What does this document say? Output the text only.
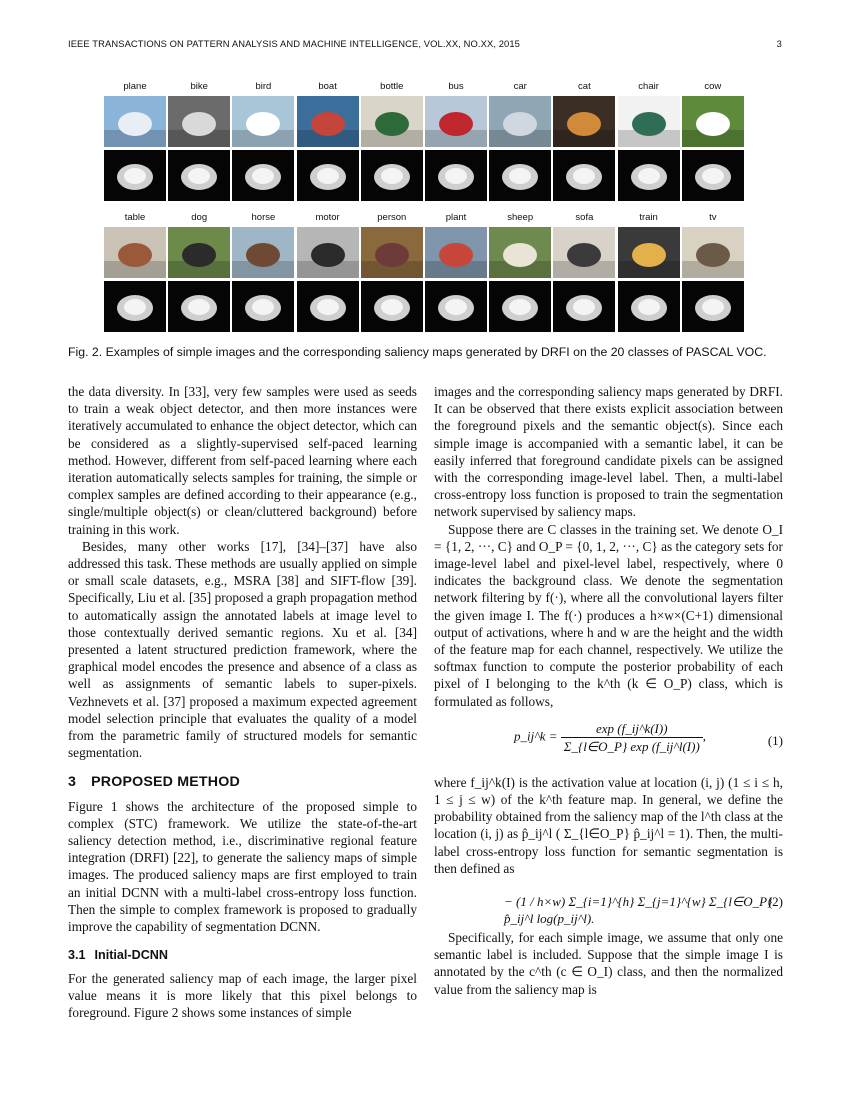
IEEE TRANSACTIONS ON PATTERN ANALYSIS AND MACHINE INTELLIGENCE, VOL.XX, NO.XX, 2015	3
plane	bike	bird	boat	bottle	bus	car	cat	chair	cow
table	dog	horse	motor	person	plant	sheep	sofa	train	tv
Fig. 2. Examples of simple images and the corresponding saliency maps generated by DRFI on the 20 classes of PASCAL VOC.

the data diversity. In [33], very few samples were used as seeds to train a weak object detector, and then more instances were iteratively accumulated to enhance the object detector, which can be considered as a slightly-supervised self-paced learning method. However, different from self-paced learning where each iteration automatically selects samples for training, the simple or complex samples are defined according to their appearance (e.g., single/multiple object(s) or clean/cluttered background) before training in this work.

Besides, many other works [17], [34]–[37] have also addressed this task. These methods are usually applied on simple or small scale datasets, e.g., MSRA [38] and SIFT-flow [39]. Specifically, Liu et al. [35] proposed a graph propagation method to automatically assign the annotated labels at image level to those contextually derived semantic regions. Xu et al. [34] presented a latent structured prediction framework, where the graphical model encodes the presence and absence of a class as well as assignments of semantic labels to super-pixels. Vezhnevets et al. [37] proposed a maximum expected agreement model selection principle that evaluates the quality of a model from the parametric family of structured models for semantic segmentation.

3 PROPOSED METHOD

Figure 1 shows the architecture of the proposed simple to complex (STC) framework. We utilize the state-of-the-art saliency detection method, i.e., discriminative regional feature integration (DRFI) [22], to generate the saliency maps of simple images. The produced saliency maps are first employed to train an initial DCNN with a multi-label cross-entropy loss function. Then the simple to complex framework is proposed to gradually improve the capability of segmentation DCNN.

3.1 Initial-DCNN

For the generated saliency map of each image, the larger pixel value means it is more likely that this pixel belongs to foreground. Figure 2 shows some instances of simple

images and the corresponding saliency maps generated by DRFI. It can be observed that there exists explicit association between the foreground pixels and the semantic object(s). Since each simple image is accompanied with a semantic label, it can be easily inferred that foreground candidate pixels can be assigned with the corresponding image-level label. Then, a multi-label cross-entropy loss function is proposed to train the segmentation network supervised by saliency maps.

Suppose there are C classes in the training set. We denote O_I = {1, 2, ···, C} and O_P = {0, 1, 2, ···, C} as the category sets for image-level label and pixel-level label, respectively, where 0 indicates the background class. We denote the segmentation network filtering by f(·), where all the convolutional layers filter the given image I. The f(·) produces a h×w×(C+1) dimensional output of activations, where h and w are the height and the width of the feature map for each channel, respectively. We utilize the softmax function to compute the posterior probability of each pixel of I belonging to the k^th (k ∈ O_P) class, which is formulated as follows,

p_ij^k = $\frac{\exp (f\_ij\^{}k(I))}{\Sigma\_\{l\in O\_P\} \exp (f\_ij\^{}l(I))}$ ,	(1)

where f_ij^k(I) is the activation value at location (i, j) (1 ≤ i ≤ h, 1 ≤ j ≤ w) of the k^th feature map. In general, we define the probability obtained from the saliency map of the l^th class at the location (i, j) as p̂_ij^l ( Σ_{l∈O_P} p̂_ij^l = 1). Then, the multi-label cross-entropy loss function for semantic segmentation is then defined as

− (1 / h×w) Σ_{i=1}^{h} Σ_{j=1}^{w} Σ_{l∈O_P} p̂_ij^l log(p_ij^l).
(2)

Specifically, for each simple image, we assume that only one semantic label is included. Suppose that the simple image I is annotated by the c^th (c ∈ O_I) class, and then the normalized value from the saliency map is
